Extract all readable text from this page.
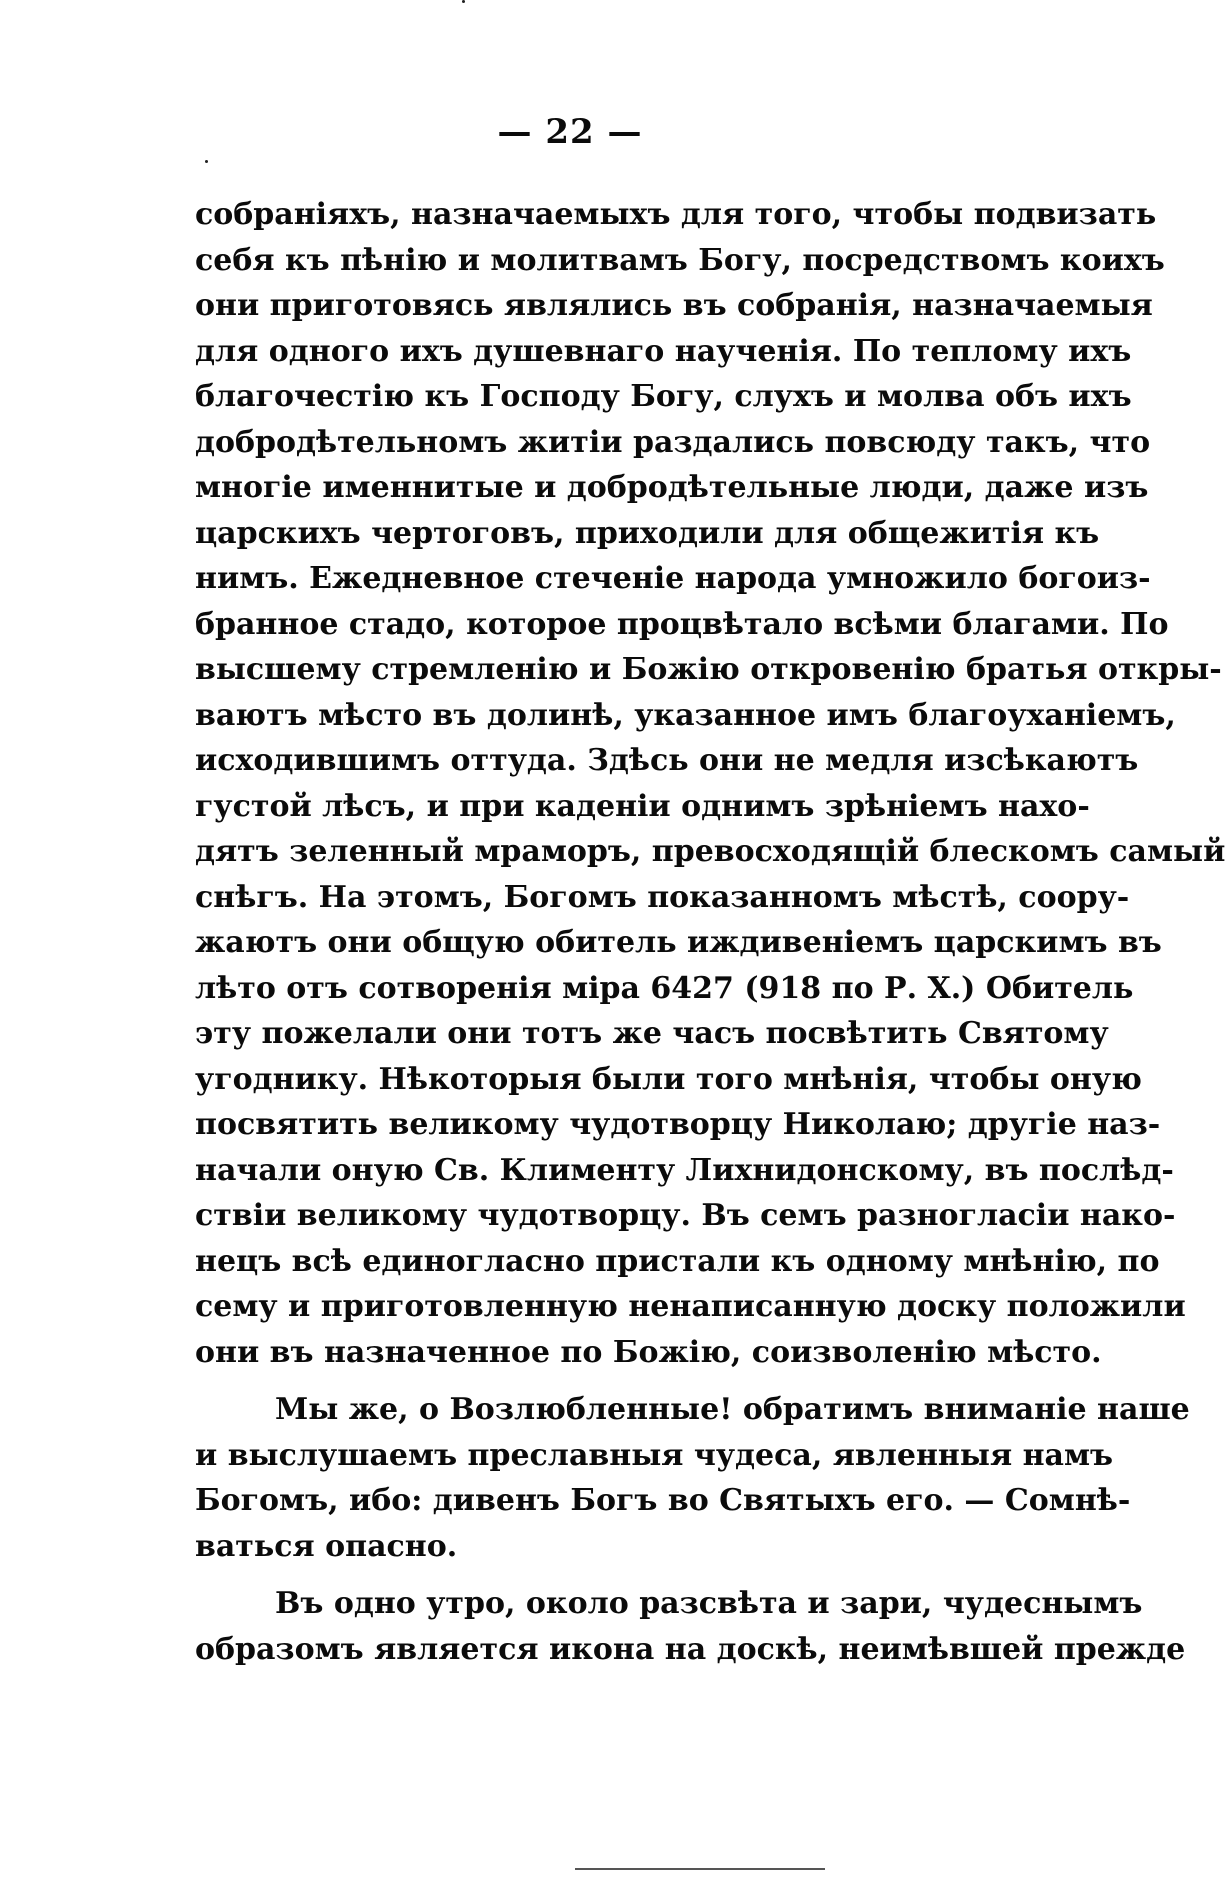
— 22 —
собраніяхъ, назначаемыхъ для того, чтобы подвизать
себя къ пѣнію и молитвамъ Богу, посредствомъ коихъ
они приготовясь являлись въ собранія, назначаемыя
для одного ихъ душевнаго наученія. По теплому ихъ
благочестію къ Господу Богу, слухъ и молва объ ихъ
добродѣтельномъ житіи раздались повсюду такъ, что
многіе именнитые и добродѣтельные люди, даже изъ
царскихъ чертоговъ, приходили для общежитія къ
нимъ. Ежедневное стеченіе народа умножило богоиз-
бранное стадо, которое процвѣтало всѣми благами. По
высшему стремленію и Божію откровенію братья откры-
ваютъ мѣсто въ долинѣ, указанное имъ благоуханіемъ,
исходившимъ оттуда. Здѣсь они не медля изсѣкаютъ
густой лѣсъ, и при каденіи однимъ зрѣніемъ нахо-
дятъ зеленный мраморъ, превосходящій блескомъ самый
снѣгъ. На этомъ, Богомъ показанномъ мѣстѣ, соору-
жаютъ они общую обитель иждивеніемъ царскимъ въ
лѣто отъ сотворенія міра 6427 (918 по Р. Х.) Обитель
эту пожелали они тотъ же часъ посвѣтить Святому
угоднику. Нѣкоторыя были того мнѣнія, чтобы оную
посвятить великому чудотворцу Николаю; другіе наз-
начали оную Св. Клименту Лихнидонскому, въ послѣд-
ствіи великому чудотворцу. Въ семъ разногласіи нако-
нецъ всѣ единогласно пристали къ одному мнѣнію, по
сему и приготовленную ненаписанную доску положили
они въ назначенное по Божію, соизволенію мѣсто.
Мы же, о Возлюбленные! обратимъ вниманіе наше
и выслушаемъ преславныя чудеса, явленныя намъ
Богомъ, ибо: дивенъ Богъ во Святыхъ его. — Сомнѣ-
ваться опасно.
Въ одно утро, около разсвѣта и зари, чудеснымъ
образомъ является икона на доскѣ, неимѣвшей прежде
